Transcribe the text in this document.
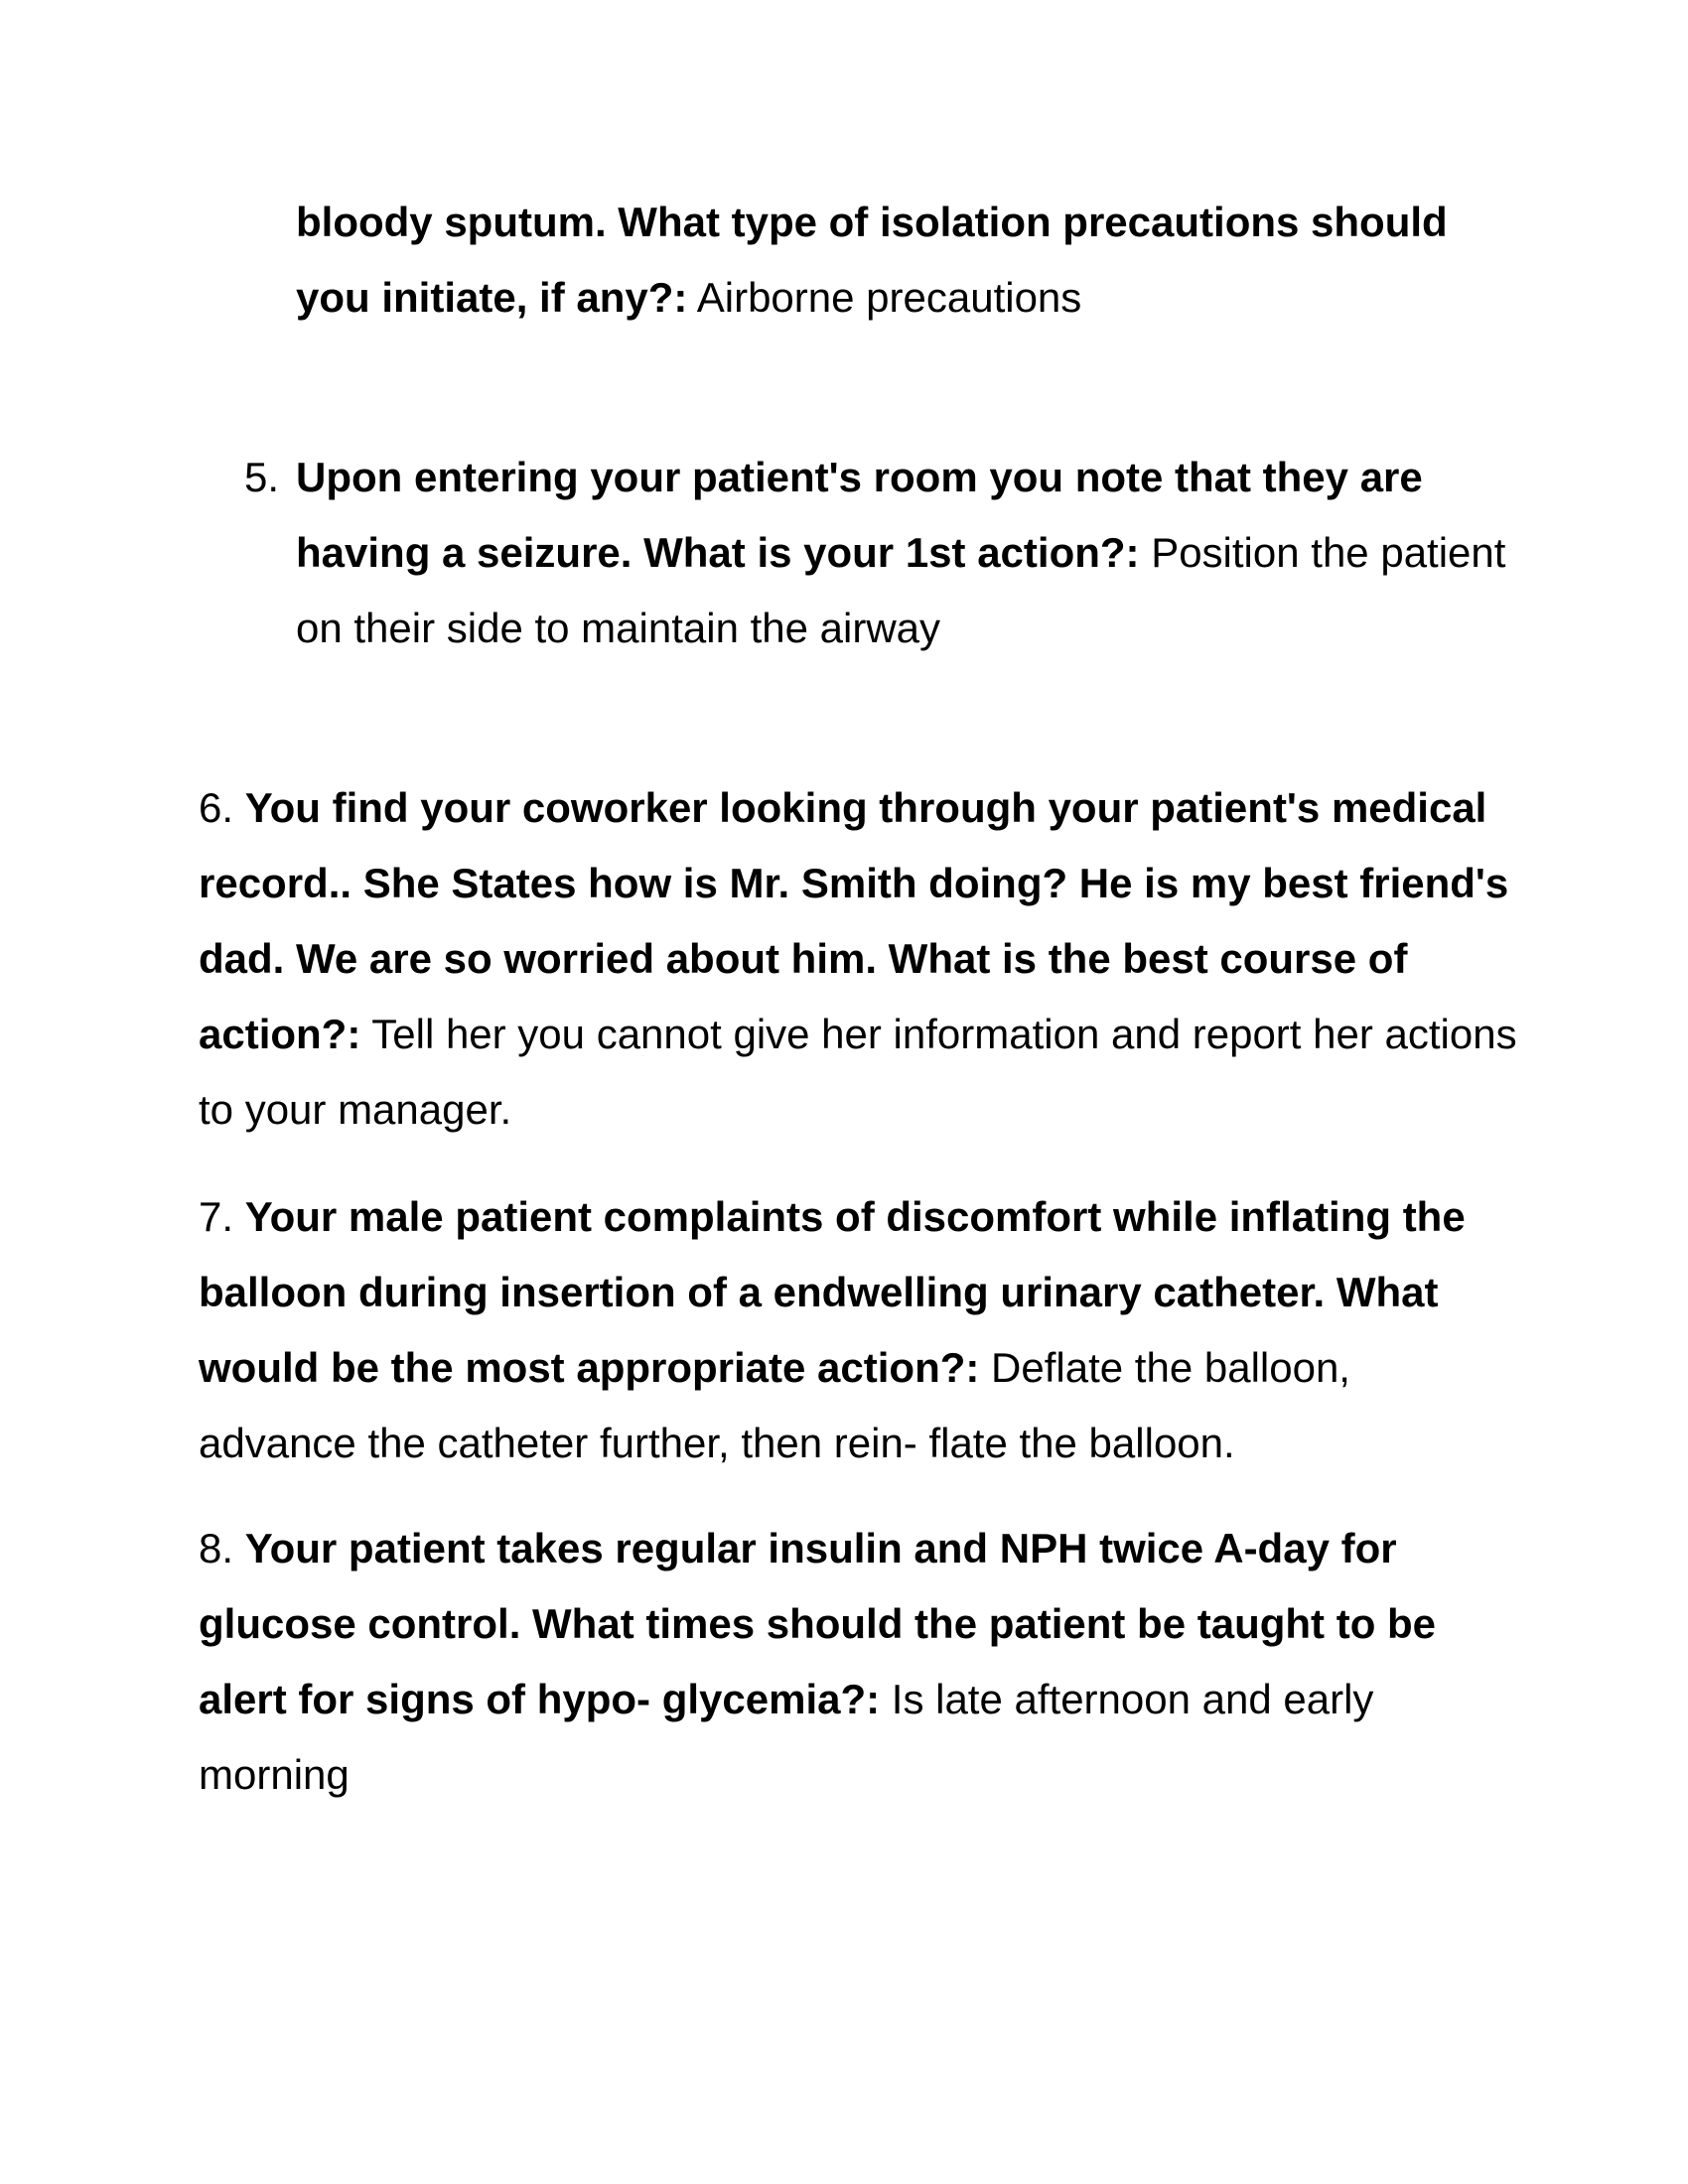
bloody sputum. What type of isolation precautions should you initiate, if any?: Airborne precautions

5. Upon entering your patient's room you note that they are having a seizure. What is your 1st action?: Position the patient on their side to maintain the airway

6. You find your coworker looking through your patient's medical record.. She States how is Mr. Smith doing? He is my best friend's dad. We are so worried about him. What is the best course of action?: Tell her you cannot give her information and report her actions to your manager.

7. Your male patient complaints of discomfort while inflating the balloon during insertion of a endwelling urinary catheter. What would be the most appropriate action?: Deflate the balloon, advance the catheter further, then rein- flate the balloon.

8. Your patient takes regular insulin and NPH twice A-day for glucose control. What times should the patient be taught to be alert for signs of hypo- glycemia?: Is late afternoon and early morning
